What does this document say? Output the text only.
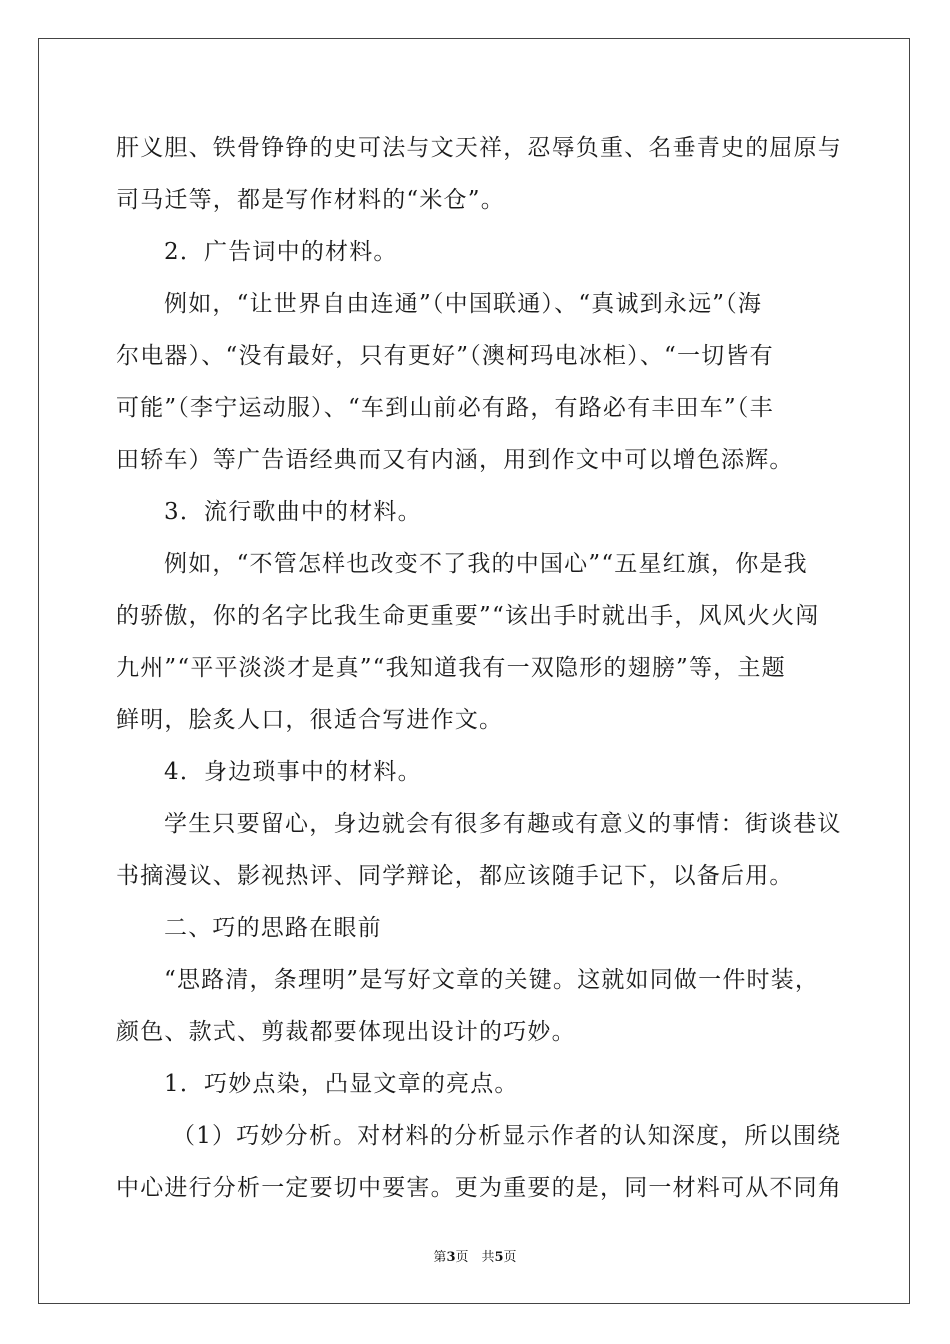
肝义胆、铁骨铮铮的史可法与文天祥，忍辱负重、名垂青史的屈原与
司马迁等，都是写作材料的“米仓”。
2．广告词中的材料。
例如，“让世界自由连通”（中国联通）、“真诚到永远”（海
尔电器）、“没有最好，只有更好”（澳柯玛电冰柜）、“一切皆有
可能”（李宁运动服）、“车到山前必有路，有路必有丰田车”（丰
田轿车）等广告语经典而又有内涵，用到作文中可以增色添辉。
3．流行歌曲中的材料。
例如，“不管怎样也改变不了我的中国心”“五星红旗，你是我
的骄傲，你的名字比我生命更重要”“该出手时就出手，风风火火闯
九州”“平平淡淡才是真”“我知道我有一双隐形的翅膀”等，主题
鲜明，脍炙人口，很适合写进作文。
4．身边琐事中的材料。
学生只要留心，身边就会有很多有趣或有意义的事情：街谈巷议
书摘漫议、影视热评、同学辩论，都应该随手记下，以备后用。
二、巧的思路在眼前
“思路清，条理明”是写好文章的关键。这就如同做一件时装，
颜色、款式、剪裁都要体现出设计的巧妙。
1．巧妙点染，凸显文章的亮点。
（1）巧妙分析。对材料的分析显示作者的认知深度，所以围绕
中心进行分析一定要切中要害。更为重要的是，同一材料可从不同角
第3页　共5页
